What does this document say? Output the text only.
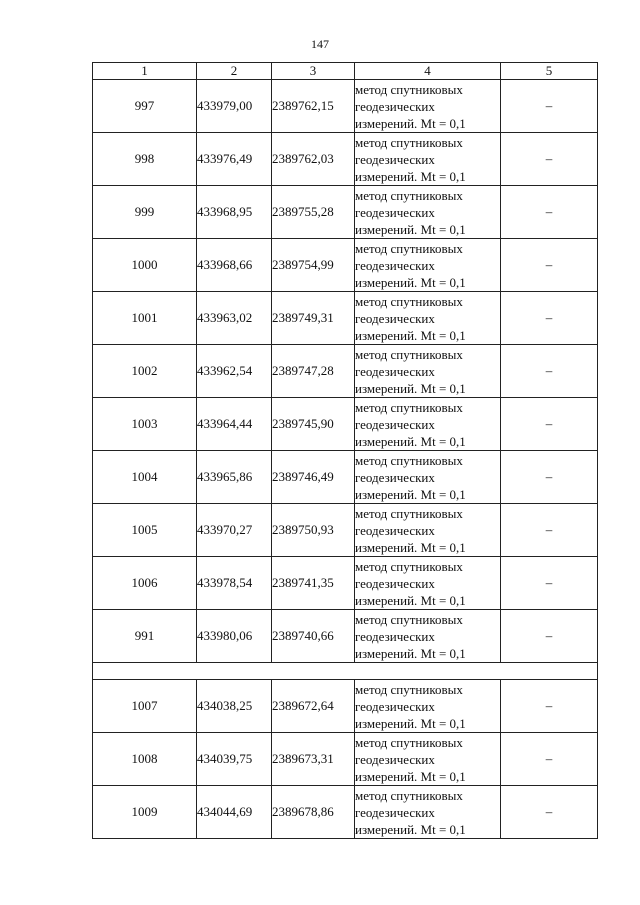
147
1	2	3	4	5
997	433979,00	2389762,15	метод спутниковых
геодезических
измерений. Mt = 0,1	–
998	433976,49	2389762,03	метод спутниковых
геодезических
измерений. Mt = 0,1	–
999	433968,95	2389755,28	метод спутниковых
геодезических
измерений. Mt = 0,1	–
1000	433968,66	2389754,99	метод спутниковых
геодезических
измерений. Mt = 0,1	–
1001	433963,02	2389749,31	метод спутниковых
геодезических
измерений. Mt = 0,1	–
1002	433962,54	2389747,28	метод спутниковых
геодезических
измерений. Mt = 0,1	–
1003	433964,44	2389745,90	метод спутниковых
геодезических
измерений. Mt = 0,1	–
1004	433965,86	2389746,49	метод спутниковых
геодезических
измерений. Mt = 0,1	–
1005	433970,27	2389750,93	метод спутниковых
геодезических
измерений. Mt = 0,1	–
1006	433978,54	2389741,35	метод спутниковых
геодезических
измерений. Mt = 0,1	–
991	433980,06	2389740,66	метод спутниковых
геодезических
измерений. Mt = 0,1	–

1007	434038,25	2389672,64	метод спутниковых
геодезических
измерений. Mt = 0,1	–
1008	434039,75	2389673,31	метод спутниковых
геодезических
измерений. Mt = 0,1	–
1009	434044,69	2389678,86	метод спутниковых
геодезических
измерений. Mt = 0,1	–
